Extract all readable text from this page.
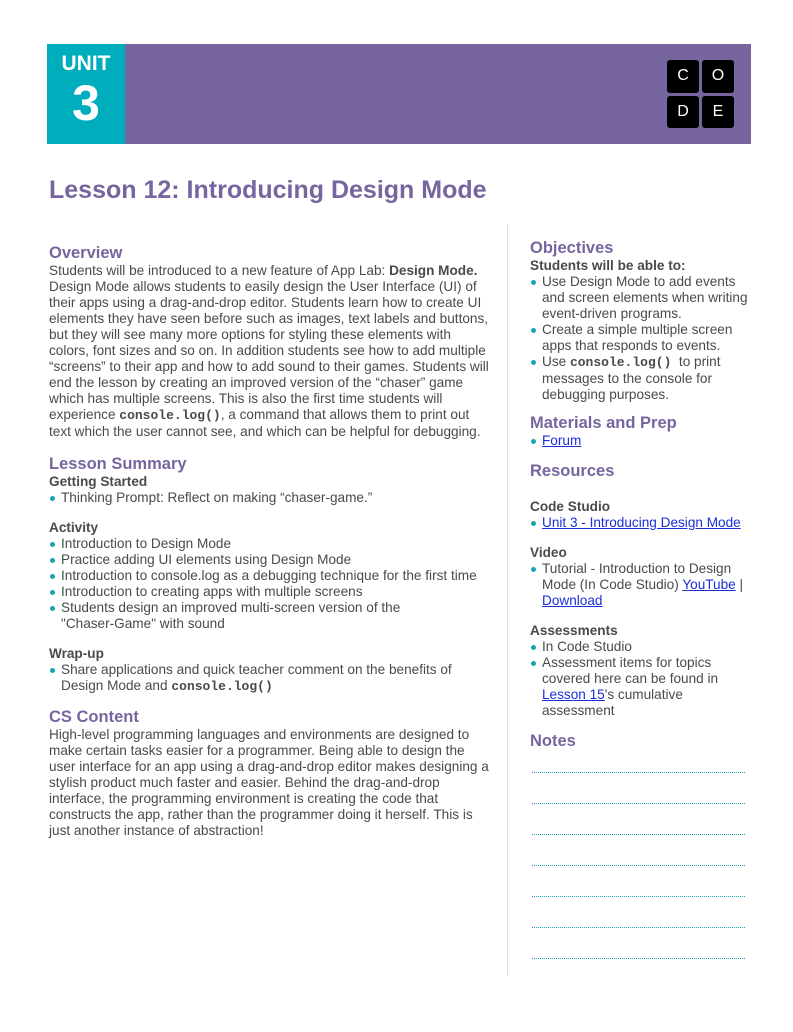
UNIT
3	C	O
D	E
Lesson 12: Introducing Design Mode
Overview

Students will be introduced to a new feature of App Lab: Design Mode. Design Mode allows students to easily design the User Interface (UI) of their apps using a drag-and-drop editor. Students learn how to create UI elements they have seen before such as images, text labels and buttons, but they will see many more options for styling these elements with colors, font sizes and so on. In addition students see how to add multiple “screens” to their app and how to add sound to their games. Students will end the lesson by creating an improved version of the “chaser” game which has multiple screens. This is also the first time students will experience console.log(), a command that allows them to print out text which the user cannot see, and which can be helpful for debugging.

Lesson Summary
Getting Started
Thinking Prompt: Reflect on making “chaser-game.”
Activity
Introduction to Design Mode
Practice adding UI elements using Design Mode
Introduction to console.log as a debugging technique for the first time
Introduction to creating apps with multiple screens
Students design an improved multi-screen version of the "Chaser-Game" with sound
Wrap-up
Share applications and quick teacher comment on the benefits of Design Mode and console.log()
CS Content

High-level programming languages and environments are designed to make certain tasks easier for a programmer. Being able to design the user interface for an app using a drag-and-drop editor makes designing a stylish product much faster and easier. Behind the drag-and-drop interface, the programming environment is creating the code that constructs the app, rather than the programmer doing it herself. This is just another instance of abstraction!

Objectives
Students will be able to:
Use Design Mode to add events and screen elements when writing event-driven programs.
Create a simple multiple screen apps that responds to events.
Use console.log()  to print messages to the console for debugging purposes.
Materials and Prep
Forum
Resources
Code Studio
Unit 3 - Introducing Design Mode
Video
Tutorial - Introduction to Design Mode (In Code Studio) YouTube | Download
Assessments
In Code Studio
Assessment items for topics covered here can be found in Lesson 15's cumulative assessment
Notes
